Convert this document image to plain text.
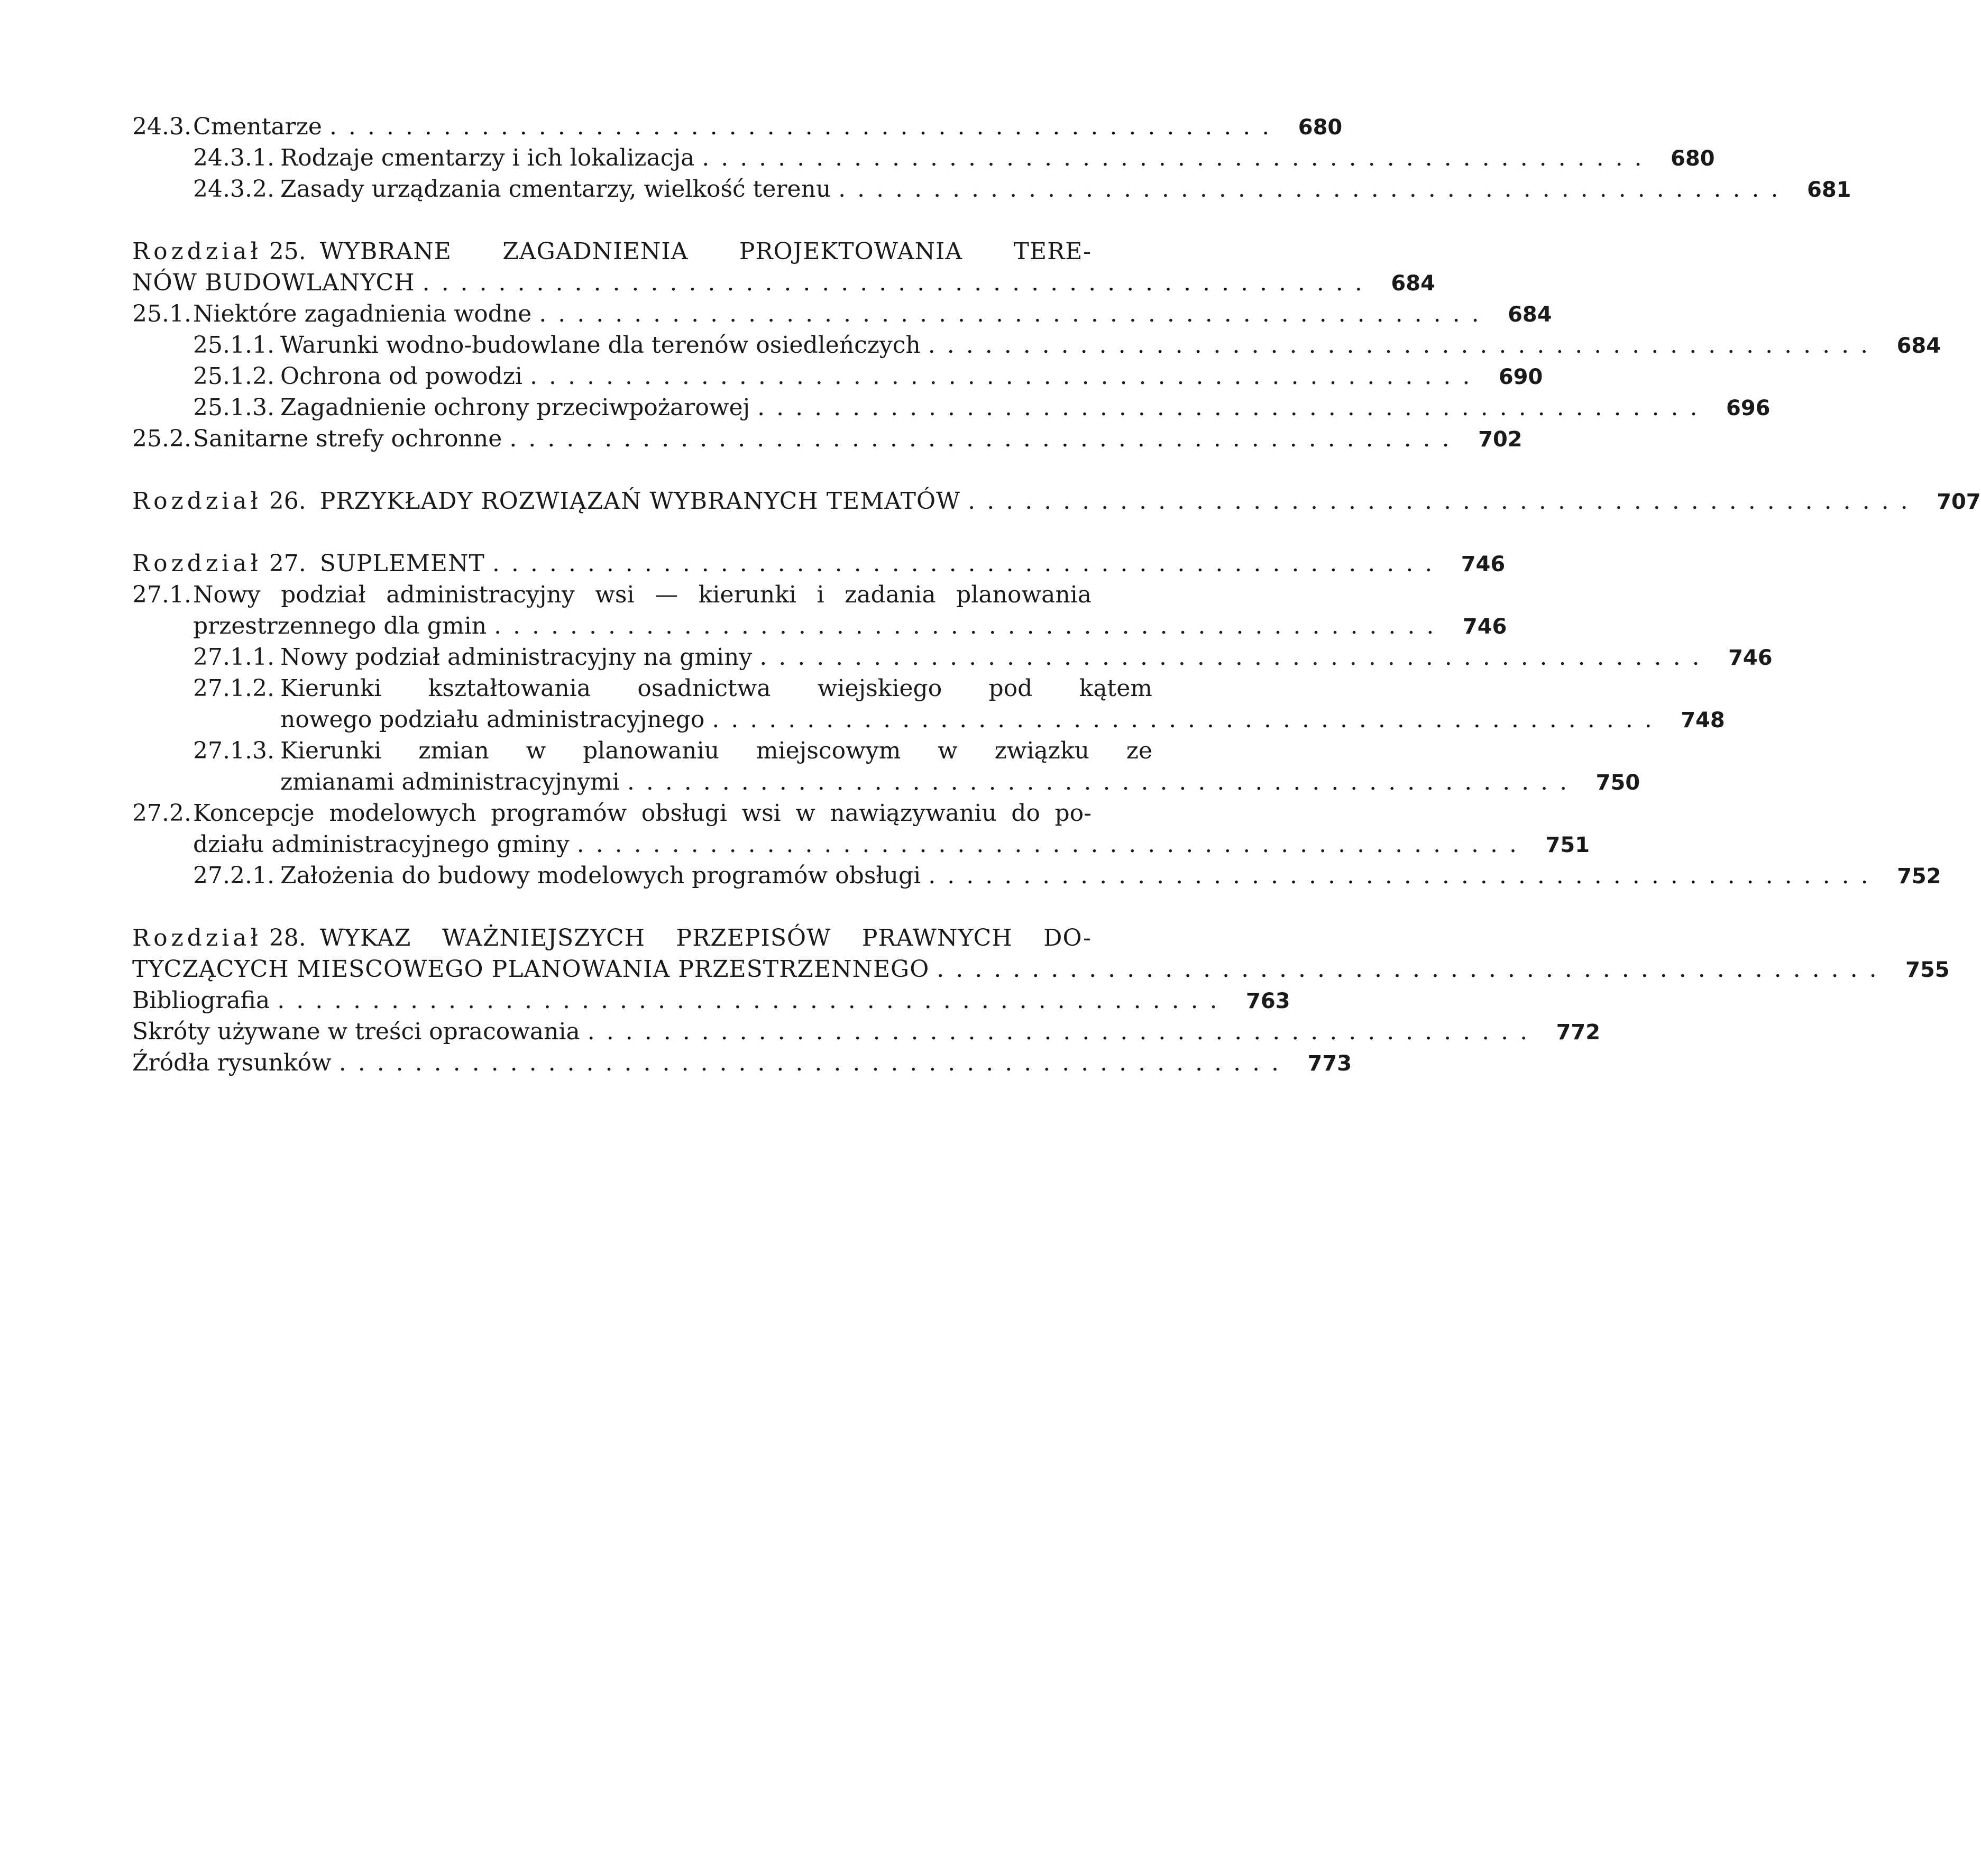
24.3. Cmentarze .................................................. 680
24.3.1. Rodzaje cmentarzy i ich lokalizacja .................................................. 680
24.3.2. Zasady urządzania cmentarzy, wielkość terenu .................................................. 681
Rozdział 25. WYBRANE ZAGADNIENIA PROJEKTOWANIA TERE-
NÓW BUDOWLANYCH .................................................. 684
25.1. Niektóre zagadnienia wodne .................................................. 684
25.1.1. Warunki wodno-budowlane dla terenów osiedleńczych .................................................. 684
25.1.2. Ochrona od powodzi .................................................. 690
25.1.3. Zagadnienie ochrony przeciwpożarowej .................................................. 696
25.2. Sanitarne strefy ochronne .................................................. 702
Rozdział 26. PRZYKŁADY ROZWIĄZAŃ WYBRANYCH TEMATÓW .................................................. 707
Rozdział 27. SUPLEMENT .................................................. 746
27.1. Nowy podział administracyjny wsi — kierunki i zadania planowania
przestrzennego dla gmin .................................................. 746
27.1.1. Nowy podział administracyjny na gminy .................................................. 746
27.1.2. Kierunki kształtowania osadnictwa wiejskiego pod kątem
nowego podziału administracyjnego .................................................. 748
27.1.3. Kierunki zmian w planowaniu miejscowym w związku ze
zmianami administracyjnymi .................................................. 750
27.2. Koncepcje modelowych programów obsługi wsi w nawiązywaniu do po-
działu administracyjnego gminy .................................................. 751
27.2.1. Założenia do budowy modelowych programów obsługi .................................................. 752
Rozdział 28. WYKAZ WAŻNIEJSZYCH PRZEPISÓW PRAWNYCH DO-
TYCZĄCYCH MIESCOWEGO PLANOWANIA PRZESTRZENNEGO .................................................. 755
Bibliografia .................................................. 763
Skróty używane w treści opracowania .................................................. 772
Źródła rysunków .................................................. 773
